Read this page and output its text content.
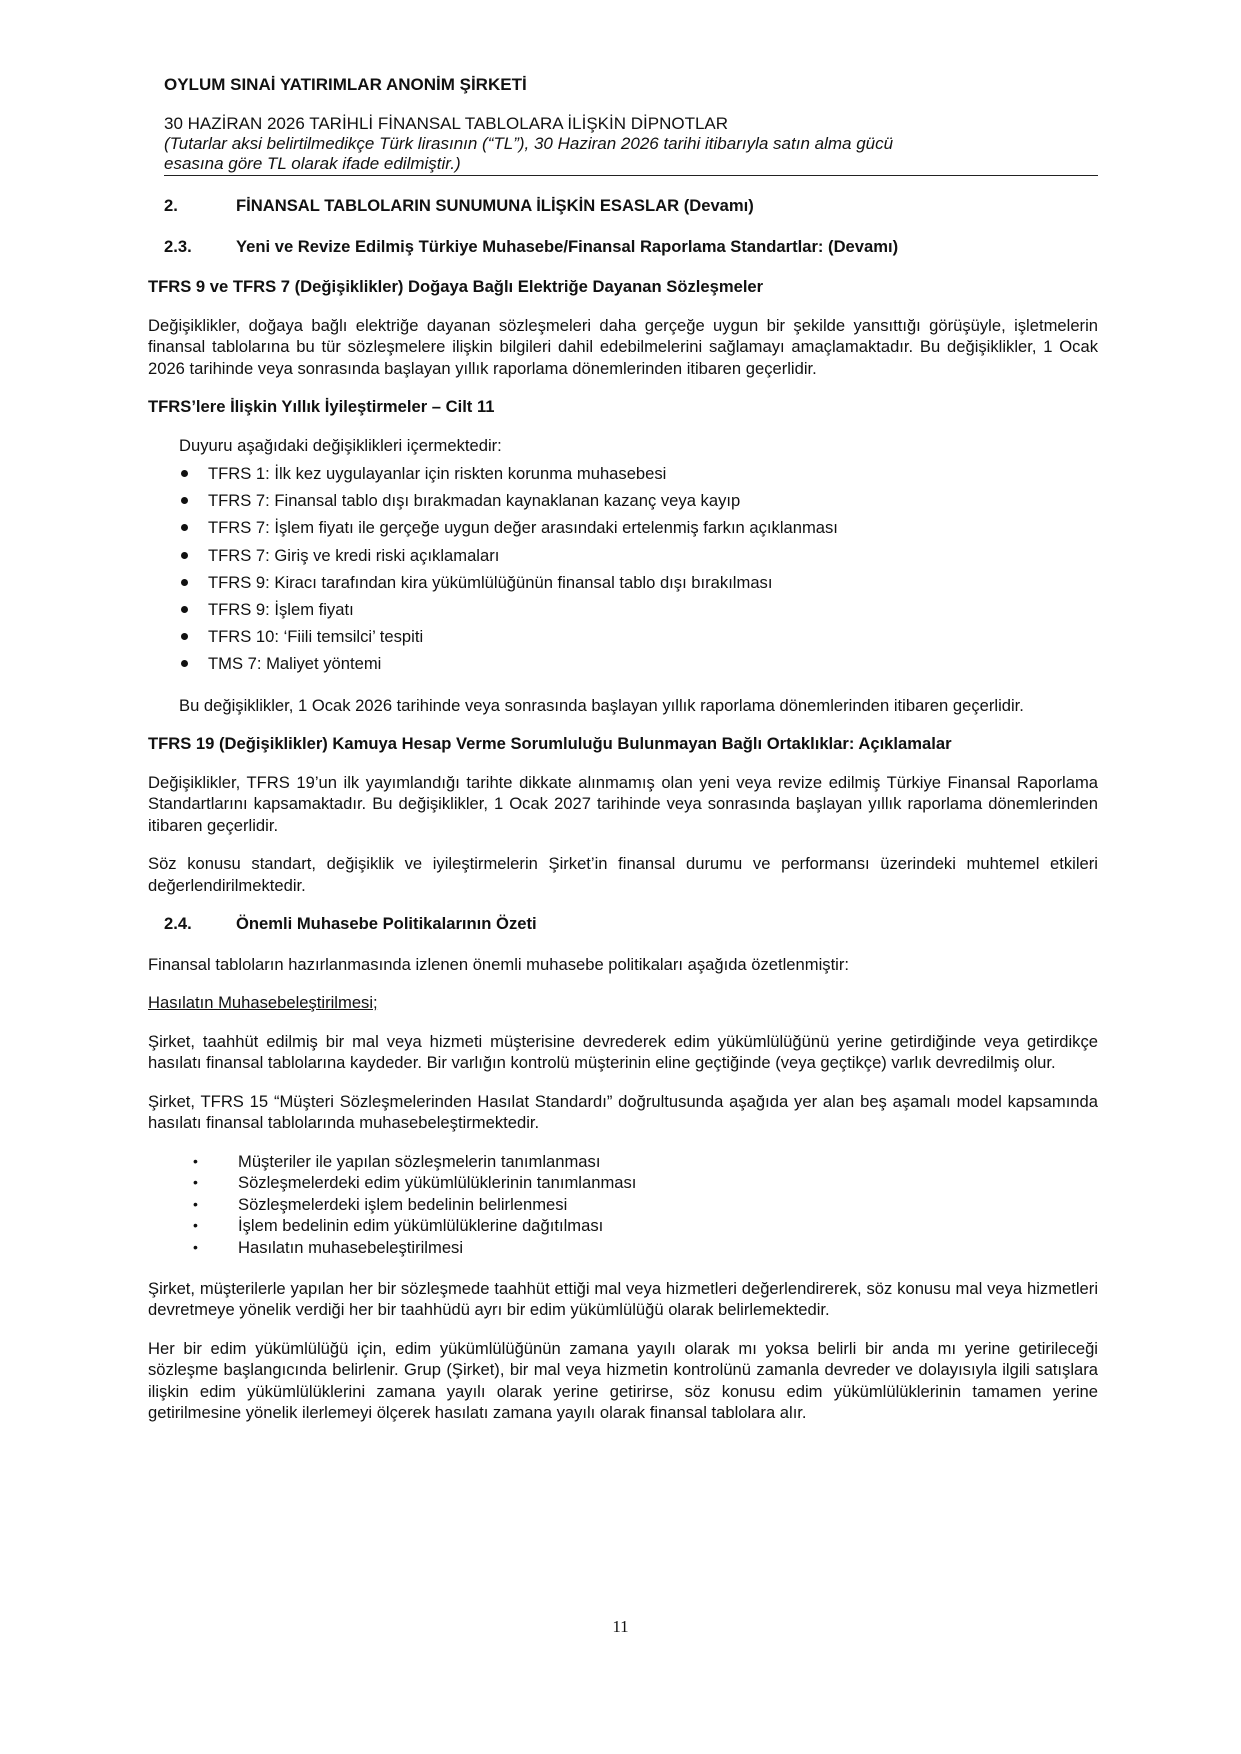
OYLUM SINAİ YATIRIMLAR ANONİM ŞİRKETİ
30 HAZİRAN 2026 TARİHLİ FİNANSAL TABLOLARA İLİŞKİN DİPNOTLAR
(Tutarlar aksi belirtilmedikçe Türk lirasının (“TL”), 30 Haziran 2026 tarihi itibarıyla satın alma gücü
esasına göre TL olarak ifade edilmiştir.)
2.	FİNANSAL TABLOLARIN SUNUMUNA İLİŞKİN ESASLAR (Devamı)
2.3.	Yeni ve Revize Edilmiş Türkiye Muhasebe/Finansal Raporlama Standartlar: (Devamı)
TFRS 9 ve TFRS 7 (Değişiklikler) Doğaya Bağlı Elektriğe Dayanan Sözleşmeler

Değişiklikler, doğaya bağlı elektriğe dayanan sözleşmeleri daha gerçeğe uygun bir şekilde yansıttığı görüşüyle, işletmelerin finansal tablolarına bu tür sözleşmelere ilişkin bilgileri dahil edebilmelerini sağlamayı amaçlamaktadır. Bu değişiklikler, 1 Ocak 2026 tarihinde veya sonrasında başlayan yıllık raporlama dönemlerinden itibaren geçerlidir.

TFRS’lere İlişkin Yıllık İyileştirmeler – Cilt 11
Duyuru aşağıdaki değişiklikleri içermektedir:
TFRS 1: İlk kez uygulayanlar için riskten korunma muhasebesi
TFRS 7: Finansal tablo dışı bırakmadan kaynaklanan kazanç veya kayıp
TFRS 7: İşlem fiyatı ile gerçeğe uygun değer arasındaki ertelenmiş farkın açıklanması
TFRS 7: Giriş ve kredi riski açıklamaları
TFRS 9: Kiracı tarafından kira yükümlülüğünün finansal tablo dışı bırakılması
TFRS 9: İşlem fiyatı
TFRS 10: ‘Fiili temsilci’ tespiti
TMS 7: Maliyet yöntemi

Bu değişiklikler, 1 Ocak 2026 tarihinde veya sonrasında başlayan yıllık raporlama dönemlerinden itibaren geçerlidir.

TFRS 19 (Değişiklikler) Kamuya Hesap Verme Sorumluluğu Bulunmayan Bağlı Ortaklıklar: Açıklamalar

Değişiklikler, TFRS 19’un ilk yayımlandığı tarihte dikkate alınmamış olan yeni veya revize edilmiş Türkiye Finansal Raporlama Standartlarını kapsamaktadır. Bu değişiklikler, 1 Ocak 2027 tarihinde veya sonrasında başlayan yıllık raporlama dönemlerinden itibaren geçerlidir.

Söz konusu standart, değişiklik ve iyileştirmelerin Şirket’in finansal durumu ve performansı üzerindeki muhtemel etkileri değerlendirilmektedir.

2.4.	Önemli Muhasebe Politikalarının Özeti

Finansal tabloların hazırlanmasında izlenen önemli muhasebe politikaları aşağıda özetlenmiştir:

Hasılatın Muhasebeleştirilmesi;

Şirket, taahhüt edilmiş bir mal veya hizmeti müşterisine devrederek edim yükümlülüğünü yerine getirdiğinde veya getirdikçe hasılatı finansal tablolarına kaydeder. Bir varlığın kontrolü müşterinin eline geçtiğinde (veya geçtikçe) varlık devredilmiş olur.

Şirket, TFRS 15 “Müşteri Sözleşmelerinden Hasılat Standardı” doğrultusunda aşağıda yer alan beş aşamalı model kapsamında hasılatı finansal tablolarında muhasebeleştirmektedir.

• Müşteriler ile yapılan sözleşmelerin tanımlanması
• Sözleşmelerdeki edim yükümlülüklerinin tanımlanması
• Sözleşmelerdeki işlem bedelinin belirlenmesi
• İşlem bedelinin edim yükümlülüklerine dağıtılması
• Hasılatın muhasebeleştirilmesi

Şirket, müşterilerle yapılan her bir sözleşmede taahhüt ettiği mal veya hizmetleri değerlendirerek, söz konusu mal veya hizmetleri devretmeye yönelik verdiği her bir taahhüdü ayrı bir edim yükümlülüğü olarak belirlemektedir.

Her bir edim yükümlülüğü için, edim yükümlülüğünün zamana yayılı olarak mı yoksa belirli bir anda mı yerine getirileceği sözleşme başlangıcında belirlenir. Grup (Şirket), bir mal veya hizmetin kontrolünü zamanla devreder ve dolayısıyla ilgili satışlara ilişkin edim yükümlülüklerini zamana yayılı olarak yerine getirirse, söz konusu edim yükümlülüklerinin tamamen yerine getirilmesine yönelik ilerlemeyi ölçerek hasılatı zamana yayılı olarak finansal tablolara alır.

11
